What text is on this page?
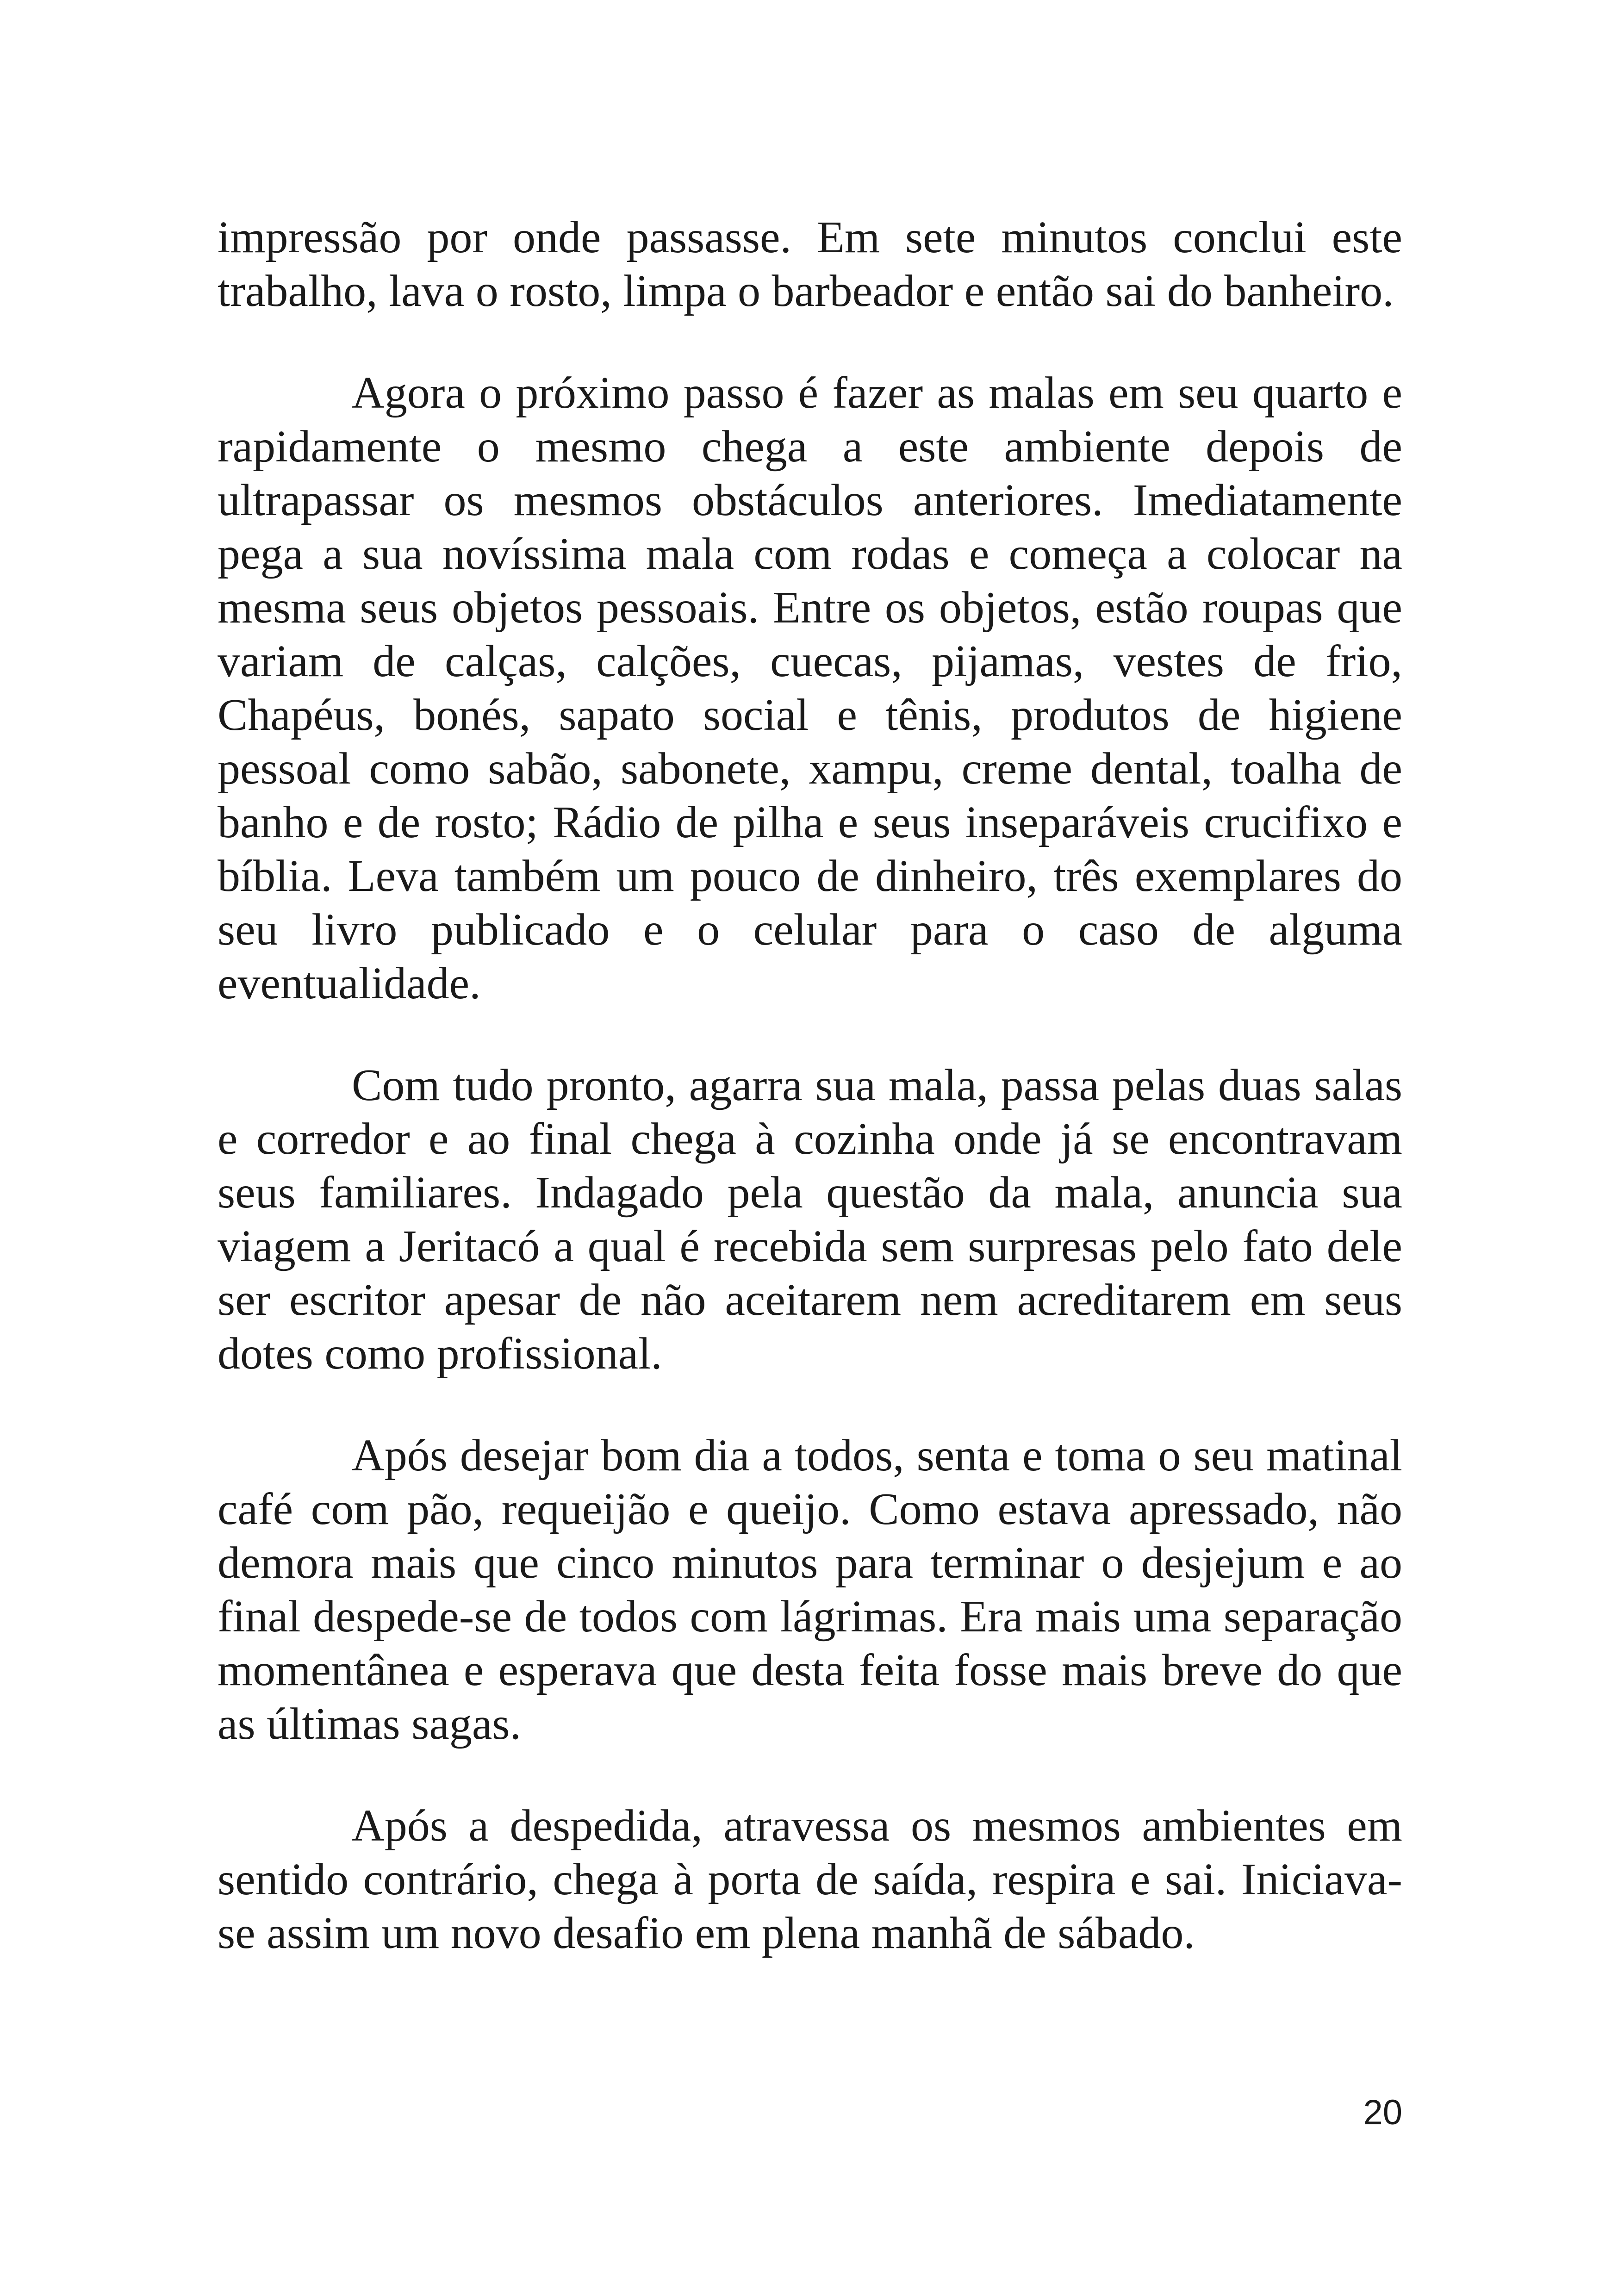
impressão por onde passasse. Em sete minutos conclui este trabalho, lava o rosto, limpa o barbeador e então sai do banheiro.

Agora o próximo passo é fazer as malas em seu quarto e rapidamente o mesmo chega a este ambiente depois de ultrapassar os mesmos obstáculos anteriores. Imediatamente pega a sua novíssima mala com rodas e começa a colocar na mesma seus objetos pessoais. Entre os objetos, estão roupas que variam de calças, calções, cuecas, pijamas, vestes de frio, Chapéus, bonés, sapato social e tênis, produtos de higiene pessoal como sabão, sabonete, xampu, creme dental, toalha de banho e de rosto; Rádio de pilha e seus inseparáveis crucifixo e bíblia. Leva também um pouco de dinheiro, três exemplares do seu livro publicado e o celular para o caso de alguma eventualidade.

Com tudo pronto, agarra sua mala, passa pelas duas salas e corredor e ao final chega à cozinha onde já se encontravam seus familiares. Indagado pela questão da mala, anuncia sua viagem a Jeritacó a qual é recebida sem surpresas pelo fato dele ser escritor apesar de não aceitarem nem acreditarem em seus dotes como profissional.

Após desejar bom dia a todos, senta e toma o seu matinal café com pão, requeijão e queijo. Como estava apressado, não demora mais que cinco minutos para terminar o desjejum e ao final despede-se de todos com lágrimas. Era mais uma separação momentânea e esperava que desta feita fosse mais breve do que as últimas sagas.

Após a despedida, atravessa os mesmos ambientes em sentido contrário, chega à porta de saída, respira e sai. Iniciava-se assim um novo desafio em plena manhã de sábado.

20
